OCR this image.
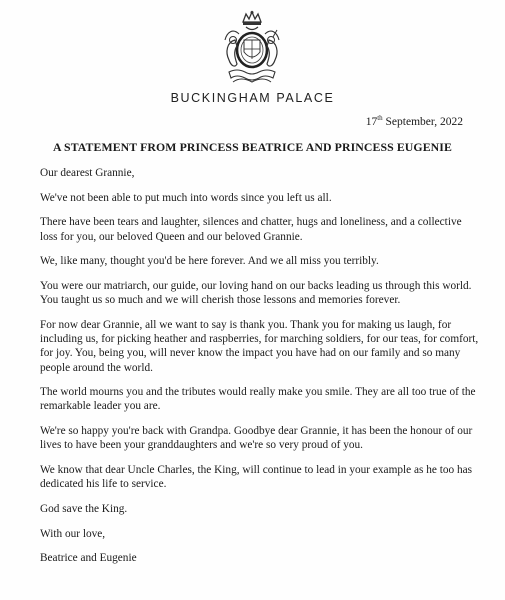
BUCKINGHAM PALACE
17th September, 2022
A STATEMENT FROM PRINCESS BEATRICE AND PRINCESS EUGENIE

Our dearest Grannie,

We've not been able to put much into words since you left us all.

There have been tears and laughter, silences and chatter, hugs and loneliness, and a collective loss for you, our beloved Queen and our beloved Grannie.

We, like many, thought you'd be here forever. And we all miss you terribly.

You were our matriarch, our guide, our loving hand on our backs leading us through this world. You taught us so much and we will cherish those lessons and memories forever.

For now dear Grannie, all we want to say is thank you. Thank you for making us laugh, for including us, for picking heather and raspberries, for marching soldiers, for our teas, for comfort, for joy. You, being you, will never know the impact you have had on our family and so many people around the world.

The world mourns you and the tributes would really make you smile. They are all too true of the remarkable leader you are.

We're so happy you're back with Grandpa. Goodbye dear Grannie, it has been the honour of our lives to have been your granddaughters and we're so very proud of you.

We know that dear Uncle Charles, the King, will continue to lead in your example as he too has dedicated his life to service.

God save the King.

With our love,

Beatrice and Eugenie
